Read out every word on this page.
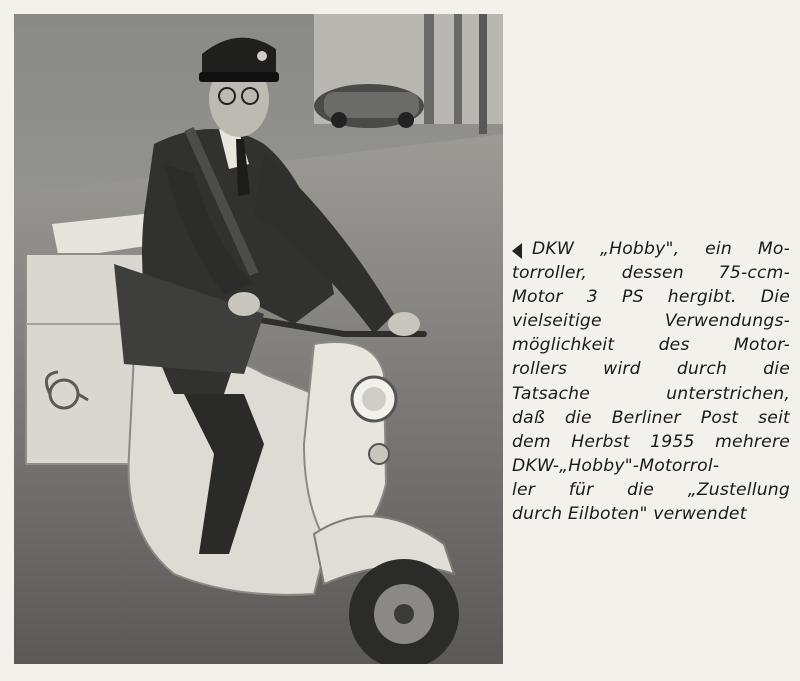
DKW „Hobby", ein Mo-
torroller, dessen 75-ccm-
Motor 3 PS hergibt. Die
vielseitige Verwendungs-
möglichkeit des Motor-
rollers wird durch die
Tatsache unterstrichen,
daß die Berliner Post seit
dem Herbst 1955 mehrere
DKW-„Hobby"-Motorrol-
ler für die „Zustellung
durch Eilboten" verwendet
